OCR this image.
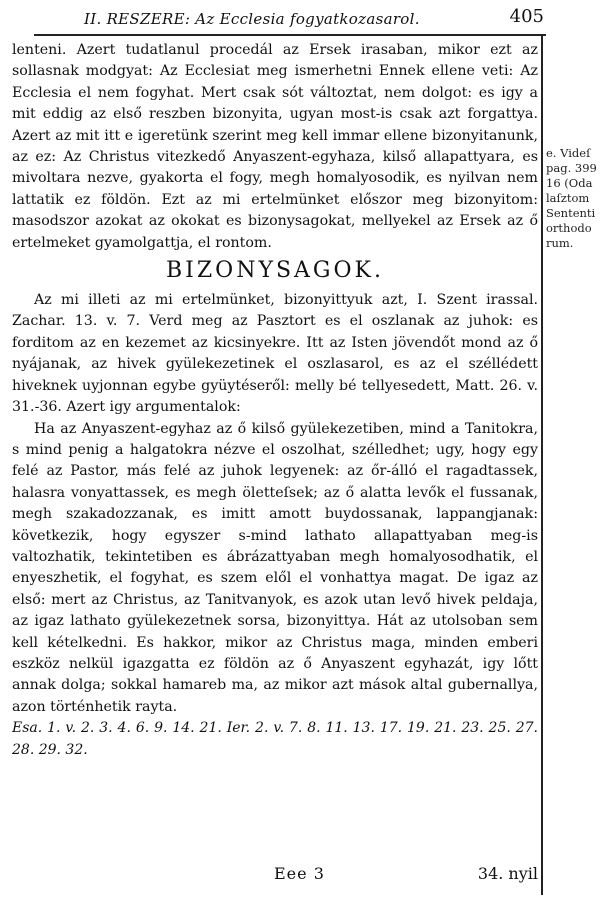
II. RESZERE: Az Ecclesia fogyatkozasarol.	405

lenteni. Azert tudatlanul procedál az Ersek irasaban, mikor ezt az sollasnak modgyat: Az Ecclesiat meg ismerhetni Ennek ellene veti: Az Ecclesia el nem fogyhat. Mert csak sót változtat, nem dolgot: es igy a mit eddig az első reszben bizonyita, ugyan most-is csak azt forgattya. Azert az mit itt e igeretünk szerint meg kell immar ellene bizonyitanunk, az ez: Az Christus vitezkedő Anyaszent-egyhaza, kilső allapattyara, es mivoltara nezve, gyakorta el fogy, megh homalyosodik, es nyilvan nem lattatik ez földön. Ezt az mi ertelmünket előszor meg bizonyitom: masodszor azokat az okokat es bizonysagokat, mellyekel az Ersek az ő ertelmeket gyamolgattja, el rontom.

BIZONYSAGOK.

Az mi illeti az mi ertelmünket, bizonyittyuk azt, I. Szent irassal. Zachar. 13. v. 7. Verd meg az Pasztort es el oszlanak az juhok: es forditom az en kezemet az kicsinyekre. Itt az Isten jövendőt mond az ő nyájanak, az hivek gyülekezetinek el oszlasarol, es az el széllédett hiveknek uyjonnan egybe gyüytéseről: melly bé tellyesedett, Matt. 26. v. 31.-36. Azert igy argumentalok:

Ha az Anyaszent-egyhaz az ő kilső gyülekezetiben, mind a Tanitokra, s mind penig a halgatokra nézve el oszolhat, szélledhet; ugy, hogy egy felé az Pastor, más felé az juhok legyenek: az őr-álló el ragadtassek, halasra vonyattassek, es megh öletteſsek; az ő alatta levők el fussanak, megh szakadozzanak, es imitt amott buydossanak, lappangjanak: következik, hogy egyszer s-mind lathato allapattyaban meg-is valtozhatik, tekintetiben es ábrázattyaban megh homalyosodhatik, el enyeszhetik, el fogyhat, es szem elől el vonhattya magat. De igaz az első: mert az Christus, az Tanitvanyok, es azok utan levő hivek peldaja, az igaz lathato gyülekezetnek sorsa, bizonyittya. Hát az utolsoban sem kell kételkedni. Es hakkor, mikor az Christus maga, minden emberi eszköz nelkül igazgatta ez földön az ő Anyaszent egyhazát, igy lőtt annak dolga; sokkal hamareb ma, az mikor azt mások altal gubernallya, azon történhetik rayta.

Esa. 1. v. 2. 3. 4. 6. 9. 14. 21. Ier. 2. v. 7. 8. 11. 13. 17. 19. 21. 23. 25. 27. 28. 29. 32.

e. Videſ
pag. 399
16 (Oda
laſztom
Sententi
orthodo
rum.
Eee 3	34. nyil
